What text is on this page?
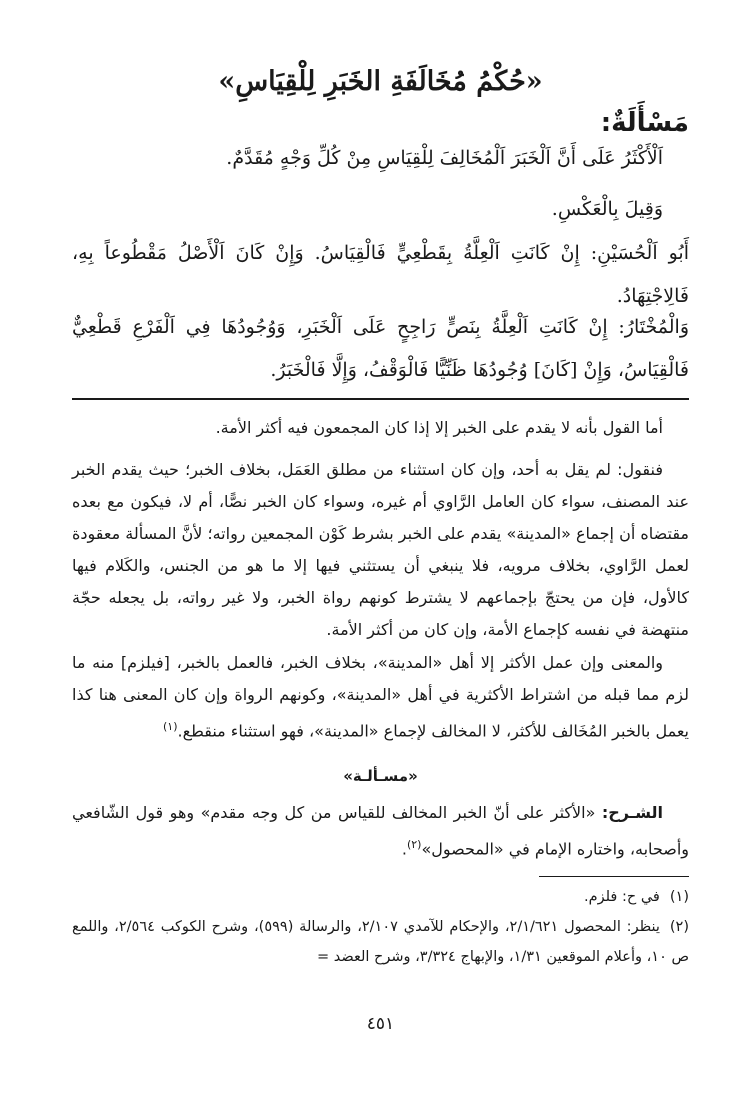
«حُكْمُ مُخَالَفَةِ الخَبَرِ لِلْقِيَاسِ»
مَسْأَلَةٌ:
اَلْأَكْثَرُ عَلَى أَنَّ اَلْخَبَرَ اَلْمُخَالِفَ لِلْقِيَاسِ مِنْ كُلِّ وَجْهٍ مُقَدَّمٌ.
وَقِيلَ بِالْعَكْسِ.
أَبُو اَلْحُسَيْنِ: إِنْ كَانَتِ اَلْعِلَّةُ بِقَطْعِيٍّ فَالْقِيَاسُ. وَإِنْ كَانَ اَلْأَصْلُ مَقْطُوعاً بِهِ، فَالِاجْتِهَادُ.
وَالْمُخْتَارُ: إِنْ كَانَتِ اَلْعِلَّةُ بِنَصٍّ رَاجِحٍ عَلَى اَلْخَبَرِ، وَوُجُودُهَا فِي اَلْفَرْعِ قَطْعِيٌّ فَالْقِيَاسُ، وَإِنْ [كَانَ] وُجُودُهَا ظَنِّيًّا فَالْوَقْفُ، وَإِلَّا فَالْخَبَرُ.
أما القول بأنه لا يقدم على الخبر إلا إذا كان المجمعون فيه أكثر الأمة.
فنقول: لم يقل به أحد، وإن كان استثناء من مطلق العَمَل، بخلاف الخبر؛ حيث يقدم الخبر عند المصنف، سواء كان العامل الرَّاوي أم غيره، وسواء كان الخبر نصًّا، أم لا، فيكون مع بعده مقتضاه أن إجماع «المدينة» يقدم على الخبر بشرط كَوْن المجمعين رواته؛ لأنَّ المسألة معقودة لعمل الرَّاوي، بخلاف مرويه، فلا ينبغي أن يستثني فيها إلا ما هو من الجنس، والكَلام فيها كالأول، فإن من يحتجّ بإجماعهم لا يشترط كونهم رواة الخبر، ولا غير رواته، بل يجعله حجّة منتهضة في نفسه كإجماع الأمة، وإن كان من أكثر الأمة.
والمعنى وإن عمل الأكثر إلا أهل «المدينة»، بخلاف الخبر، فالعمل بالخبر، [فيلزم] منه ما لزم مما قبله من اشتراط الأكثرية في أهل «المدينة»، وكونهم الرواة وإن كان المعنى هنا كذا يعمل بالخبر المُخَالف للأكثر، لا المخالف لإجماع «المدينة»، فهو استثناء منقطع.$^{(١)}$
«مسـألـة»
الشـرح: «الأكثر على أنّ الخبر المخالف للقياس من كل وجه مقدم» وهو قول الشّافعي وأصحابه، واختاره الإمام في «المحصول»$^{(٢)}$.
(١)في ح: فلزم.
(٢)ينظر: المحصول ٢/١/٦٢١، والإحكام للآمدي ٢/١٠٧، والرسالة (٥٩٩)، وشرح الكوكب ٢/٥٦٤، واللمع ص ١٠، وأعلام الموقعين ١/٣١، والإبهاج ٣/٣٢٤، وشرح العضد =
٤٥١
